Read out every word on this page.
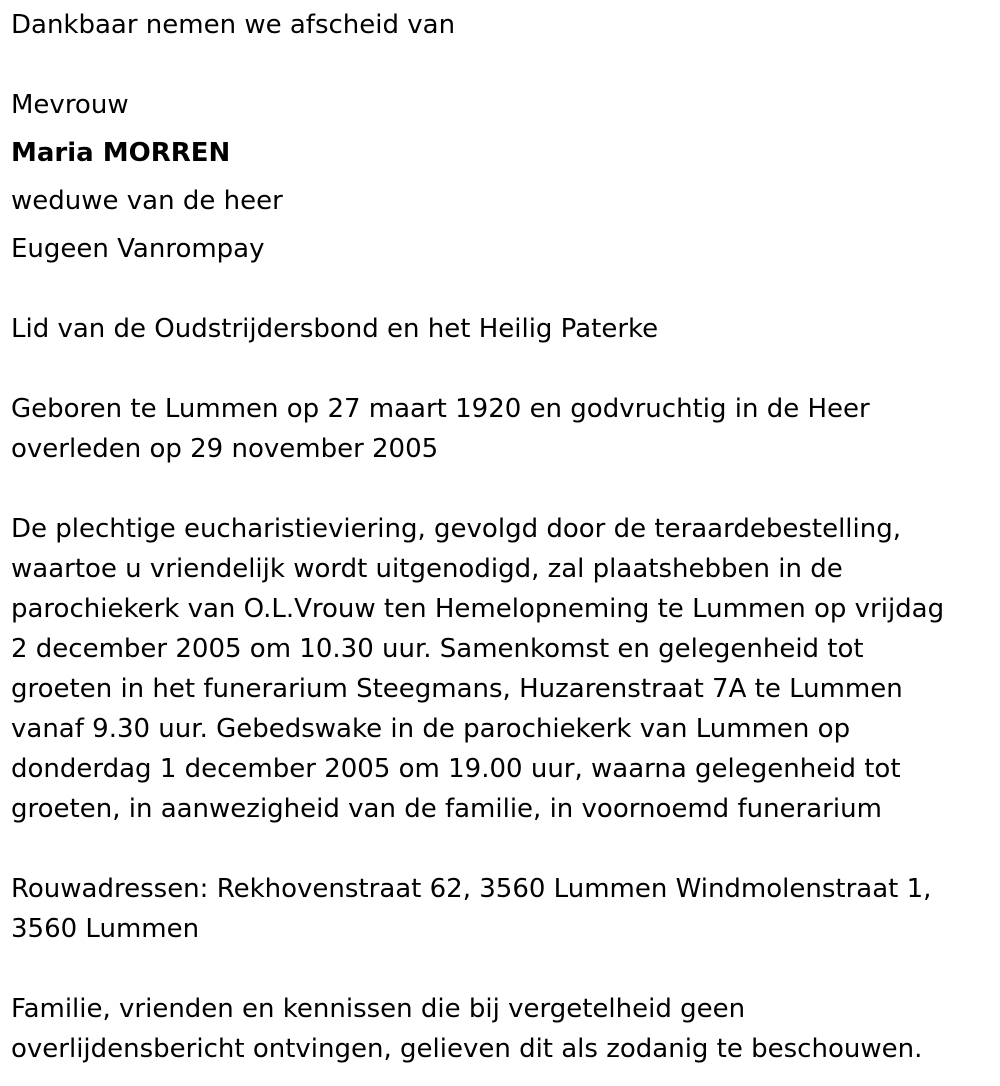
Dankbaar nemen we afscheid van
Mevrouw
Maria MORREN
weduwe van de heer
Eugeen Vanrompay
Lid van de Oudstrijdersbond en het Heilig Paterke
Geboren te Lummen op 27 maart 1920 en godvruchtig in de Heer
overleden op 29 november 2005
De plechtige eucharistieviering, gevolgd door de teraardebestelling,
waartoe u vriendelijk wordt uitgenodigd, zal plaatshebben in de
parochiekerk van O.L.Vrouw ten Hemelopneming te Lummen op vrijdag
2 december 2005 om 10.30 uur. Samenkomst en gelegenheid tot
groeten in het funerarium Steegmans, Huzarenstraat 7A te Lummen
vanaf 9.30 uur. Gebedswake in de parochiekerk van Lummen op
donderdag 1 december 2005 om 19.00 uur, waarna gelegenheid tot
groeten, in aanwezigheid van de familie, in voornoemd funerarium
Rouwadressen: Rekhovenstraat 62, 3560 Lummen Windmolenstraat 1,
3560 Lummen
Familie, vrienden en kennissen die bij vergetelheid geen
overlijdensbericht ontvingen, gelieven dit als zodanig te beschouwen.
